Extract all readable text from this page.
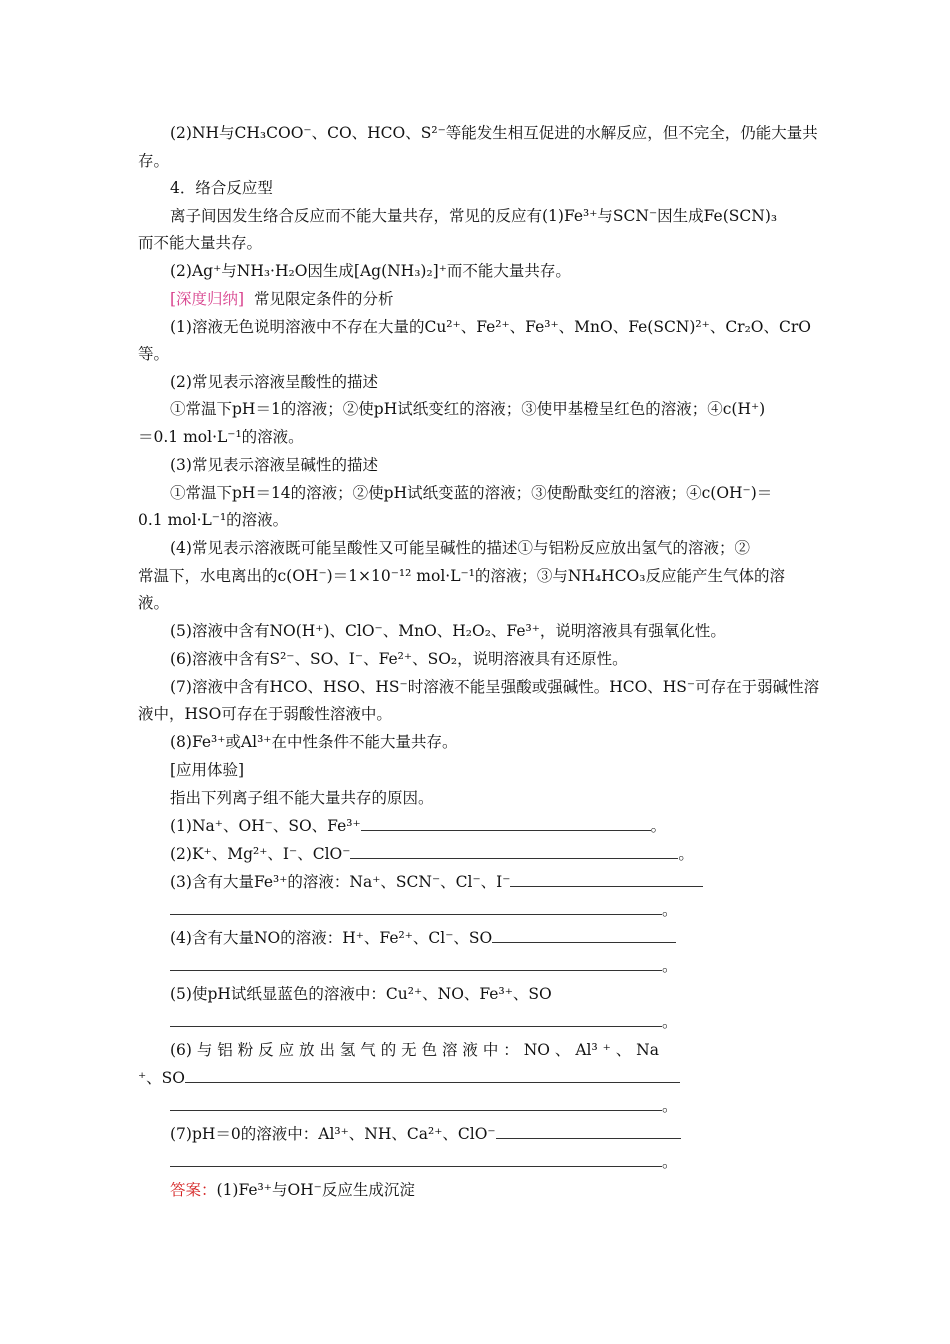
(2)NH与CH₃COO⁻、CO、HCO、S²⁻等能发生相互促进的水解反应，但不完全，仍能大量共
存。
4．络合反应型
离子间因发生络合反应而不能大量共存，常见的反应有(1)Fe³⁺与SCN⁻因生成Fe(SCN)₃
而不能大量共存。
(2)Ag⁺与NH₃·H₂O因生成[Ag(NH₃)₂]⁺而不能大量共存。
[深度归纳] 常见限定条件的分析
(1)溶液无色说明溶液中不存在大量的Cu²⁺、Fe²⁺、Fe³⁺、MnO、Fe(SCN)²⁺、Cr₂O、CrO
等。
(2)常见表示溶液呈酸性的描述
①常温下pH＝1的溶液；②使pH试纸变红的溶液；③使甲基橙呈红色的溶液；④c(H⁺)
＝0.1 mol·L⁻¹的溶液。
(3)常见表示溶液呈碱性的描述
①常温下pH＝14的溶液；②使pH试纸变蓝的溶液；③使酚酞变红的溶液；④c(OH⁻)＝
0.1 mol·L⁻¹的溶液。
(4)常见表示溶液既可能呈酸性又可能呈碱性的描述①与铝粉反应放出氢气的溶液；②
常温下，水电离出的c(OH⁻)＝1×10⁻¹² mol·L⁻¹的溶液；③与NH₄HCO₃反应能产生气体的溶
液。
(5)溶液中含有NO(H⁺)、ClO⁻、MnO、H₂O₂、Fe³⁺，说明溶液具有强氧化性。
(6)溶液中含有S²⁻、SO、I⁻、Fe²⁺、SO₂，说明溶液具有还原性。
(7)溶液中含有HCO、HSO、HS⁻时溶液不能呈强酸或强碱性。HCO、HS⁻可存在于弱碱性溶
液中，HSO可存在于弱酸性溶液中。
(8)Fe³⁺或Al³⁺在中性条件不能大量共存。
[应用体验]
指出下列离子组不能大量共存的原因。
(1)Na⁺、OH⁻、SO、Fe³⁺	。
(2)K⁺、Mg²⁺、I⁻、ClO⁻	。
(3)含有大量Fe³⁺的溶液：Na⁺、SCN⁻、Cl⁻、I⁻
。
(4)含有大量NO的溶液：H⁺、Fe²⁺、Cl⁻、SO
。
(5)使pH试纸显蓝色的溶液中：Cu²⁺、NO、Fe³⁺、SO
。
(6) 与 铝 粉 反 应 放 出 氢 气 的 无 色 溶 液 中 ： NO 、 Al³ ⁺ 、 Na
⁺、SO
。
(7)pH＝0的溶液中：Al³⁺、NH、Ca²⁺、ClO⁻
。
答案：(1)Fe³⁺与OH⁻反应生成沉淀
